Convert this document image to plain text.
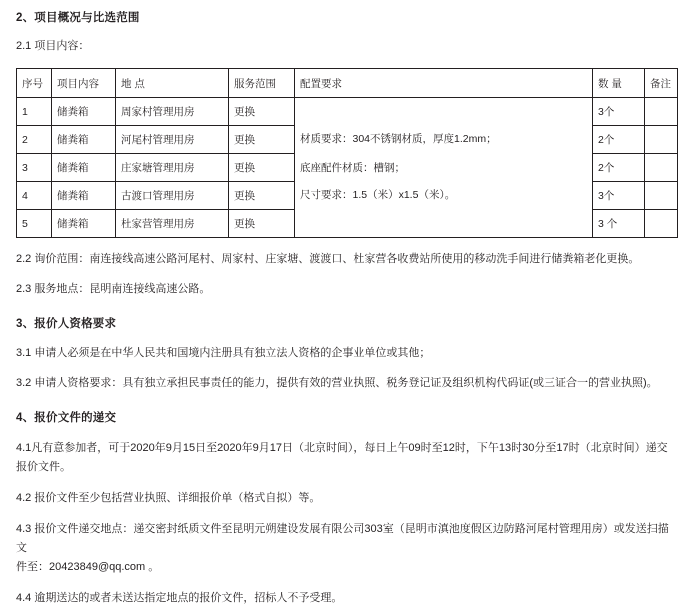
2、项目概况与比选范围
2.1 项目内容：
序号	项目内容	地 点	服务范围	配置要求	数 量	备注
1	储粪箱	周家村管理用房	更换	材质要求：304不锈钢材质，厚度1.2mm；
底座配件材质：槽钢；
尺寸要求：1.5（米）x1.5（米）。	3个	
2	储粪箱	河尾村管理用房	更换		2个	
3	储粪箱	庄家塘管理用房	更换		2个	
4	储粪箱	古渡口管理用房	更换		3个	
5	储粪箱	杜家营管理用房	更换		3 个	
2.2 询价范围：南连接线高速公路河尾村、周家村、庄家塘、渡渡口、杜家营各收费站所使用的移动洗手间进行储粪箱老化更换。
2.3 服务地点：昆明南连接线高速公路。
3、报价人资格要求
3.1 申请人必须是在中华人民共和国境内注册具有独立法人资格的企事业单位或其他；
3.2 申请人资格要求：具有独立承担民事责任的能力，提供有效的营业执照、税务登记证及组织机构代码证(或三证合一的营业执照)。
4、报价文件的递交
4.1凡有意参加者，可于2020年9月15日至2020年9月17日（北京时间），每日上午09时至12时，下午13时30分至17时（北京时间）递交
报价文件。
4.2 报价文件至少包括营业执照、详细报价单（格式自拟）等。
4.3 报价文件递交地点：递交密封纸质文件至昆明元朔建设发展有限公司303室（昆明市滇池度假区边防路河尾村管理用房）或发送扫描文
件至：20423849@qq.com 。
4.4 逾期送达的或者未送达指定地点的报价文件，招标人不予受理。
